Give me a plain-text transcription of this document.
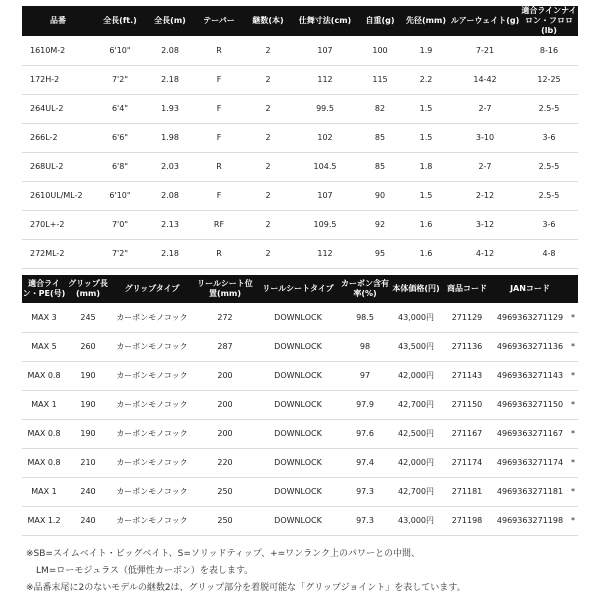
品番	全長(ft.)	全長(m)	テーパー	継数(本)	仕舞寸法(cm)	自重(g)	先径(mm)	ルアーウェイト(g)	適合ラインナイロン・フロロ(lb)
1610M-2	6'10"	2.08	R	2	107	100	1.9	7-21	8-16
172H-2	7'2"	2.18	F	2	112	115	2.2	14-42	12-25
264UL-2	6'4"	1.93	F	2	99.5	82	1.5	2-7	2.5-5
266L-2	6'6"	1.98	F	2	102	85	1.5	3-10	3-6
268UL-2	6'8"	2.03	R	2	104.5	85	1.8	2-7	2.5-5
2610UL/ML-2	6'10"	2.08	F	2	107	90	1.5	2-12	2.5-5
270L+-2	7'0"	2.13	RF	2	109.5	92	1.6	3-12	3-6
272ML-2	7'2"	2.18	R	2	112	95	1.6	4-12	4-8
適合ライン・PE(号)	グリップ長(mm)	グリップタイプ	リールシート位置(mm)	リールシートタイプ	カーボン含有率(%)	本体価格(円)	商品コード	JANコード	
MAX 3	245	カーボンモノコック	272	DOWNLOCK	98.5	43,000円	271129	4969363271129	*
MAX 5	260	カーボンモノコック	287	DOWNLOCK	98	43,500円	271136	4969363271136	*
MAX 0.8	190	カーボンモノコック	200	DOWNLOCK	97	42,000円	271143	4969363271143	*
MAX 1	190	カーボンモノコック	200	DOWNLOCK	97.9	42,700円	271150	4969363271150	*
MAX 0.8	190	カーボンモノコック	200	DOWNLOCK	97.6	42,500円	271167	4969363271167	*
MAX 0.8	210	カーボンモノコック	220	DOWNLOCK	97.4	42,000円	271174	4969363271174	*
MAX 1	240	カーボンモノコック	250	DOWNLOCK	97.3	42,700円	271181	4969363271181	*
MAX 1.2	240	カーボンモノコック	250	DOWNLOCK	97.3	43,000円	271198	4969363271198	*

※SB=スイムベイト・ビッグベイト、S=ソリッドティップ、+=ワンランク上のパワーとの中間、

LM=ローモジュラス（低弾性カーボン）を表します。

※品番末尾に2のないモデルの継数2は、グリップ部分を着脱可能な「グリップジョイント」を表しています。
